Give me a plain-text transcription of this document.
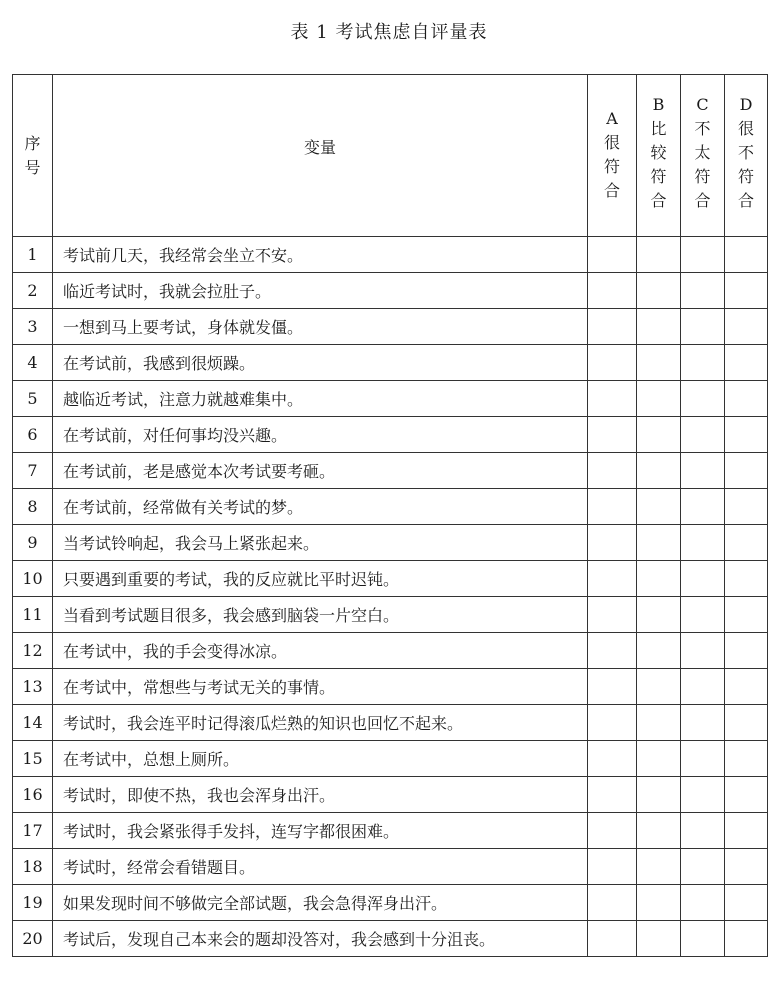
表 1 考试焦虑自评量表
序号	变量	A很符合	B比较符合	C不太符合	D很不符合
1	考试前几天，我经常会坐立不安。				
2	临近考试时，我就会拉肚子。				
3	一想到马上要考试，身体就发僵。				
4	在考试前，我感到很烦躁。				
5	越临近考试，注意力就越难集中。				
6	在考试前，对任何事均没兴趣。				
7	在考试前，老是感觉本次考试要考砸。				
8	在考试前，经常做有关考试的梦。				
9	当考试铃响起，我会马上紧张起来。				
10	只要遇到重要的考试，我的反应就比平时迟钝。				
11	当看到考试题目很多，我会感到脑袋一片空白。				
12	在考试中，我的手会变得冰凉。				
13	在考试中，常想些与考试无关的事情。				
14	考试时，我会连平时记得滚瓜烂熟的知识也回忆不起来。				
15	在考试中，总想上厕所。				
16	考试时，即使不热，我也会浑身出汗。				
17	考试时，我会紧张得手发抖，连写字都很困难。				
18	考试时，经常会看错题目。				
19	如果发现时间不够做完全部试题，我会急得浑身出汗。				
20	考试后，发现自己本来会的题却没答对，我会感到十分沮丧。				
